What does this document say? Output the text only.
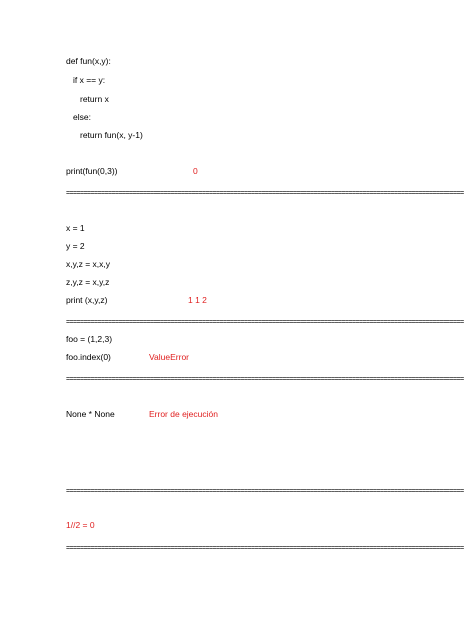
def fun(x,y):
if x == y:
return x
else:
return fun(x, y-1)
print(fun(0,3))	0
==================================================================================================================
x = 1
y = 2
x,y,z = x,x,y
z,y,z = x,y,z
print (x,y,z)	1 1 2
==================================================================================================================
foo = (1,2,3)
foo.index(0)	ValueError
==================================================================================================================
None * None	Error de ejecución
==================================================================================================================
1//2 = 0
==================================================================================================================
